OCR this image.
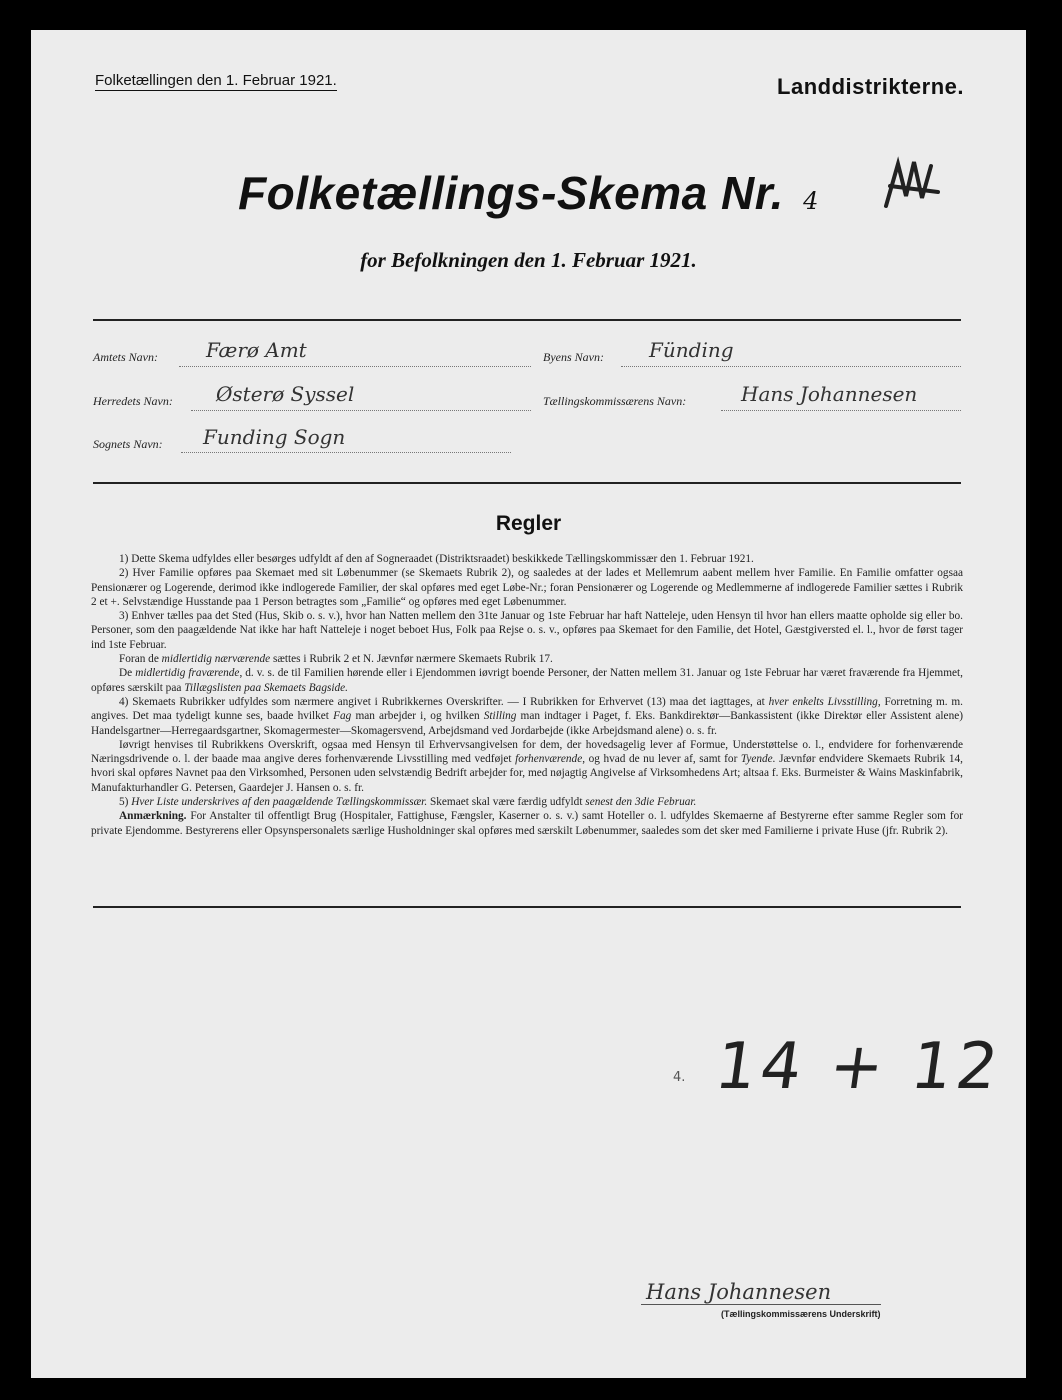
Folketællingen den 1. Februar 1921.	Landdistrikterne.
Folketællings-Skema Nr. 4
for Befolkningen den 1. Februar 1921.
Amtets Navn: Færø Amt	Byens Navn: Fünding
Herredets Navn: Østerø Syssel	Tællingskommissærens Navn:	Hans Johannesen
Sognets Navn: Funding Sogn
Regler

1) Dette Skema udfyldes eller besørges udfyldt af den af Sogneraadet (Distriktsraadet) beskikkede Tællingskommissær den 1. Februar 1921.

2) Hver Familie opføres paa Skemaet med sit Løbenummer (se Skemaets Rubrik 2), og saaledes at der lades et Mellemrum aabent mellem hver Familie. En Familie omfatter ogsaa Pensionærer og Logerende, derimod ikke indlogerede Familier, der skal opføres med eget Løbe-Nr.; foran Pensionærer og Logerende og Medlemmerne af indlogerede Familier sættes i Rubrik 2 et +. Selvstændige Husstande paa 1 Person betragtes som „Familie“ og opføres med eget Løbenummer.

3) Enhver tælles paa det Sted (Hus, Skib o. s. v.), hvor han Natten mellem den 31te Januar og 1ste Februar har haft Natteleje, uden Hensyn til hvor han ellers maatte opholde sig eller bo. Personer, som den paagældende Nat ikke har haft Natteleje i noget beboet Hus, Folk paa Rejse o. s. v., opføres paa Skemaet for den Familie, det Hotel, Gæstgiversted el. l., hvor de først tager ind 1ste Februar.

Foran de midlertidig nærværende sættes i Rubrik 2 et N. Jævnfør nærmere Skemaets Rubrik 17.

De midlertidig fraværende, d. v. s. de til Familien hørende eller i Ejendommen iøvrigt boende Personer, der Natten mellem 31. Januar og 1ste Februar har været fraværende fra Hjemmet, opføres særskilt paa Tillægslisten paa Skemaets Bagside.

4) Skemaets Rubrikker udfyldes som nærmere angivet i Rubrikkernes Overskrifter. — I Rubrikken for Erhvervet (13) maa det iagttages, at hver enkelts Livsstilling, Forretning m. m. angives. Det maa tydeligt kunne ses, baade hvilket Fag man arbejder i, og hvilken Stilling man indtager i Paget, f. Eks. Bankdirektør—Bankassistent (ikke Direktør eller Assistent alene) Handelsgartner—Herregaardsgartner, Skomagermester—Skomagersvend, Arbejdsmand ved Jordarbejde (ikke Arbejdsmand alene) o. s. fr.

Iøvrigt henvises til Rubrikkens Overskrift, ogsaa med Hensyn til Erhvervsangivelsen for dem, der hovedsagelig lever af Formue, Understøttelse o. l., endvidere for forhenværende Næringsdrivende o. l. der baade maa angive deres forhenværende Livsstilling med vedføjet forhenværende, og hvad de nu lever af, samt for Tyende. Jævnfør endvidere Skemaets Rubrik 14, hvori skal opføres Navnet paa den Virksomhed, Personen uden selvstændig Bedrift arbejder for, med nøjagtig Angivelse af Virksomhedens Art; altsaa f. Eks. Burmeister & Wains Maskinfabrik, Manufakturhandler G. Petersen, Gaardejer J. Hansen o. s. fr.

5) Hver Liste underskrives af den paagældende Tællingskommissær. Skemaet skal være færdig udfyldt senest den 3die Februar.

Anmærkning. For Anstalter til offentligt Brug (Hospitaler, Fattighuse, Fængsler, Kaserner o. s. v.) samt Hoteller o. l. udfyldes Skemaerne af Bestyrerne efter samme Regler som for private Ejendomme. Bestyrerens eller Opsynspersonalets særlige Husholdninger skal opføres med særskilt Løbenummer, saaledes som det sker med Familierne i private Huse (jfr. Rubrik 2).

4. 14 + 12
Hans Johannesen
(Tællingskommissærens Underskrift)
